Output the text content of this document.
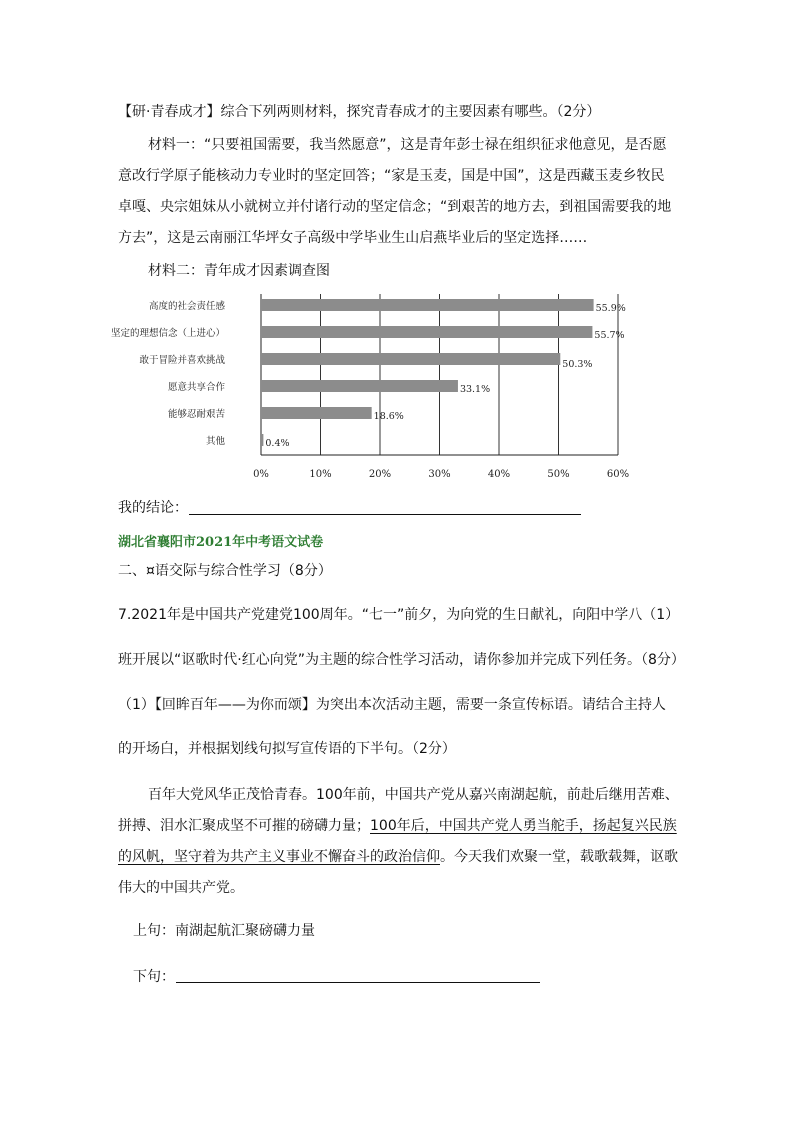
【研·青春成才】综合下列两则材料，探究青春成才的主要因素有哪些。（2分）
材料一：“只要祖国需要，我当然愿意”，这是青年彭士禄在组织征求他意见，是否愿
意改行学原子能核动力专业时的坚定回答；“家是玉麦，国是中国”，这是西藏玉麦乡牧民
卓嘎、央宗姐妹从小就树立并付诸行动的坚定信念；“到艰苦的地方去，到祖国需要我的地
方去”，这是云南丽江华坪女子高级中学毕业生山启燕毕业后的坚定选择……
材料二：青年成才因素调查图
0%	10%	20%	30%	40%	50%	60%
高度的社会责任感	55.9%
坚定的理想信念（上进心）	55.7%
敢于冒险并喜欢挑战	50.3%
愿意共享合作	33.1%
能够忍耐艰苦	18.6%
其他	0.4%
我的结论：
湖北省襄阳市2021年中考语文试卷
二、¤语交际与综合性学习（8分）
7.2021年是中国共产党建党100周年。“七一”前夕，为向党的生日献礼，向阳中学八（1）
班开展以“讴歌时代·红心向党”为主题的综合性学习活动，请你参加并完成下列任务。（8分）
（1）【回眸百年——为你而颂】为突出本次活动主题，需要一条宣传标语。请结合主持人
的开场白，并根据划线句拟写宣传语的下半句。（2分）
百年大党风华正茂恰青春。100年前，中国共产党从嘉兴南湖起航，前赴后继用苦难、
拼搏、泪水汇聚成坚不可摧的磅礴力量；100年后，中国共产党人勇当舵手，扬起复兴民族
的风帆，坚守着为共产主义事业不懈奋斗的政治信仰。今天我们欢聚一堂，载歌载舞，讴歌
伟大的中国共产党。
上句：南湖起航汇聚磅礴力量
下句：
